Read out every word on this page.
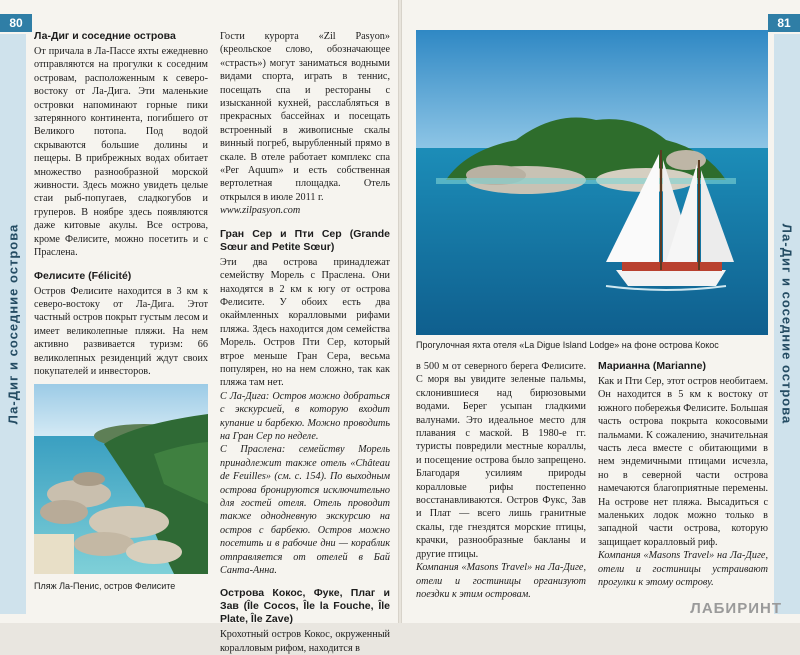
80
Ла-Диг и соседние острова
Ла-Диг и соседние острова

От причала в Ла-Пассе яхты ежедневно отправляются на прогулки к соседним островам, расположенным к северо-востоку от Ла-Дига. Эти маленькие островки напоминают горные пики затерянного континента, погибшего от Великого потопа. Под водой скрываются большие долины и пещеры. В прибрежных водах обитает множество разнообразной морской живности. Здесь можно увидеть целые стаи рыб-попугаев, сладкогубов и груперов. В ноябре здесь появляются даже китовые акулы. Все острова, кроме Фелисите, можно посетить и с Праслена.

Фелисите (Félicité)

Остров Фелисите находится в 3 км к северо-востоку от Ла-Дига. Этот частный остров покрыт густым лесом и имеет великолепные пляжи. На нем активно развивается туризм: 66 великолепных резиденций ждут своих покупателей и инвесторов.

Пляж Ла-Пенис, остров Фелисите

Гости курорта «Zil Pasyon» (креольское слово, обозначающее «страсть») могут заниматься водными видами спорта, играть в теннис, посещать спа и рестораны с изысканной кухней, расслабляться в прекрасных бассейнах и посещать встроенный в живописные скалы винный погреб, вырубленный прямо в скале. В отеле работает комплекс спа «Per Aquum» и есть собственная вертолетная площадка. Отель открылся в июле 2011 г.

www.zilpasyon.com

Гран Сер и Пти Сер (Grande Sœur and Petite Sœur)

Эти два острова принадлежат семейству Морель с Праслена. Они находятся в 2 км к югу от острова Фелисите. У обоих есть два окаймленных коралловыми рифами пляжа. Здесь находится дом семейства Морель. Остров Пти Сер, который втрое меньше Гран Сера, весьма популярен, но на нем сложно, так как пляжа там нет.

С Ла-Дига: Остров можно добраться с экскурсией, в которую входит купание и барбекю. Можно проводить на Гран Сер по неделе.

С Праслена: семейству Морель принадлежит также отель «Château de Feuilles» (см. с. 154). По выходным острова бронируются исключительно для гостей отеля. Отель проводит также однодневную экскурсию на остров с барбекю. Остров можно посетить и в рабочие дни — кораблик отправляется от отелей в Бай Санта-Анна.

Острова Кокос, Фуке, Плаг и Зав (Île Cocos, Île la Fouche, Île Plate, Île Zave)

Крохотный остров Кокос, окруженный коралловым рифом, находится в

81
Ла-Диг и соседние острова
Прогулочная яхта отеля «La Digue Island Lodge» на фоне острова Кокос

в 500 м от северного берега Фелисите. С моря вы увидите зеленые пальмы, склонившиеся над бирюзовыми водами. Берег усыпан гладкими валунами. Это идеальное место для плавания с маской. В 1980-е гг. туристы повредили местные кораллы, и посещение острова было запрещено. Благодаря усилиям природы коралловые рифы постепенно восстанавливаются. Остров Фукс, Зав и Плат — всего лишь гранитные скалы, где гнездятся морские птицы, крачки, разнообразные бакланы и другие птицы.

Компания «Masons Travel» на Ла-Диге, отели и гостиницы организуют поездки к этим островам.

Марианна (Marianne)

Как и Пти Сер, этот остров необитаем. Он находится в 5 км к востоку от южного побережья Фелисите. Большая часть острова покрыта кокосовыми пальмами. К сожалению, значительная часть леса вместе с обитающими в нем эндемичными птицами исчезла, но в северной части острова намечаются благоприятные перемены. На острове нет пляжа. Высадиться с маленьких лодок можно только в западной части острова, которую защищает коралловый риф.

Компания «Masons Travel» на Ла-Диге, отели и гостиницы устраивают прогулки к этому острову.

ЛАБИРИНТ
